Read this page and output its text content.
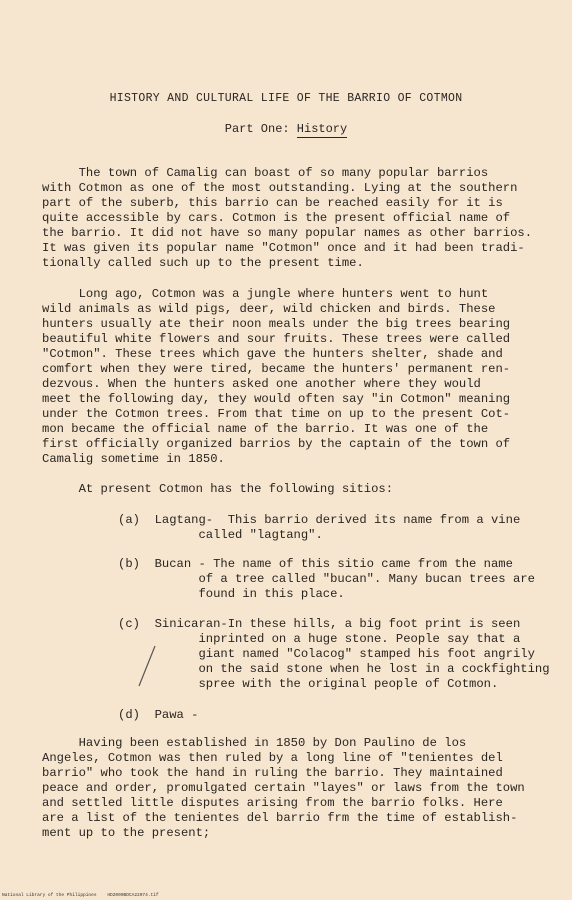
HISTORY AND CULTURAL LIFE OF THE BARRIO OF COTMON
Part One: History
The town of Camalig can boast of so many popular barrios
with Cotmon as one of the most outstanding. Lying at the southern
part of the suberb, this barrio can be reached easily for it is
quite accessible by cars. Cotmon is the present official name of
the barrio. It did not have so many popular names as other barrios.
It was given its popular name "Cotmon" once and it had been tradi-
tionally called such up to the present time.
Long ago, Cotmon was a jungle where hunters went to hunt
wild animals as wild pigs, deer, wild chicken and birds. These
hunters usually ate their noon meals under the big trees bearing
beautiful white flowers and sour fruits. These trees were called
"Cotmon". These trees which gave the hunters shelter, shade and
comfort when they were tired, became the hunters' permanent ren-
dezvous. When the hunters asked one another where they would
meet the following day, they would often say "in Cotmon" meaning
under the Cotmon trees. From that time on up to the present Cot-
mon became the official name of the barrio. It was one of the
first officially organized barrios by the captain of the town of
Camalig sometime in 1850.
At present Cotmon has the following sitios:
(a)  Lagtang-  This barrio derived its name from a vine
called "lagtang".
(b)  Bucan - The name of this sitio came from the name
of a tree called "bucan". Many bucan trees are
found in this place.
(c)  Sinicaran-In these hills, a big foot print is seen
inprinted on a huge stone. People say that a
giant named "Colacog" stamped his foot angrily
on the said stone when he lost in a cockfighting
spree with the original people of Cotmon.
(d)  Pawa -
Having been established in 1850 by Don Paulino de los
Angeles, Cotmon was then ruled by a long line of "tenientes del
barrio" who took the hand in ruling the barrio. They maintained
peace and order, promulgated certain "layes" or laws from the town
and settled little disputes arising from the barrio folks. Here
are a list of the tenientes del barrio frm the time of establish-
ment up to the present;
National Library of the Philippines    HD2000BDCA22074.tif
